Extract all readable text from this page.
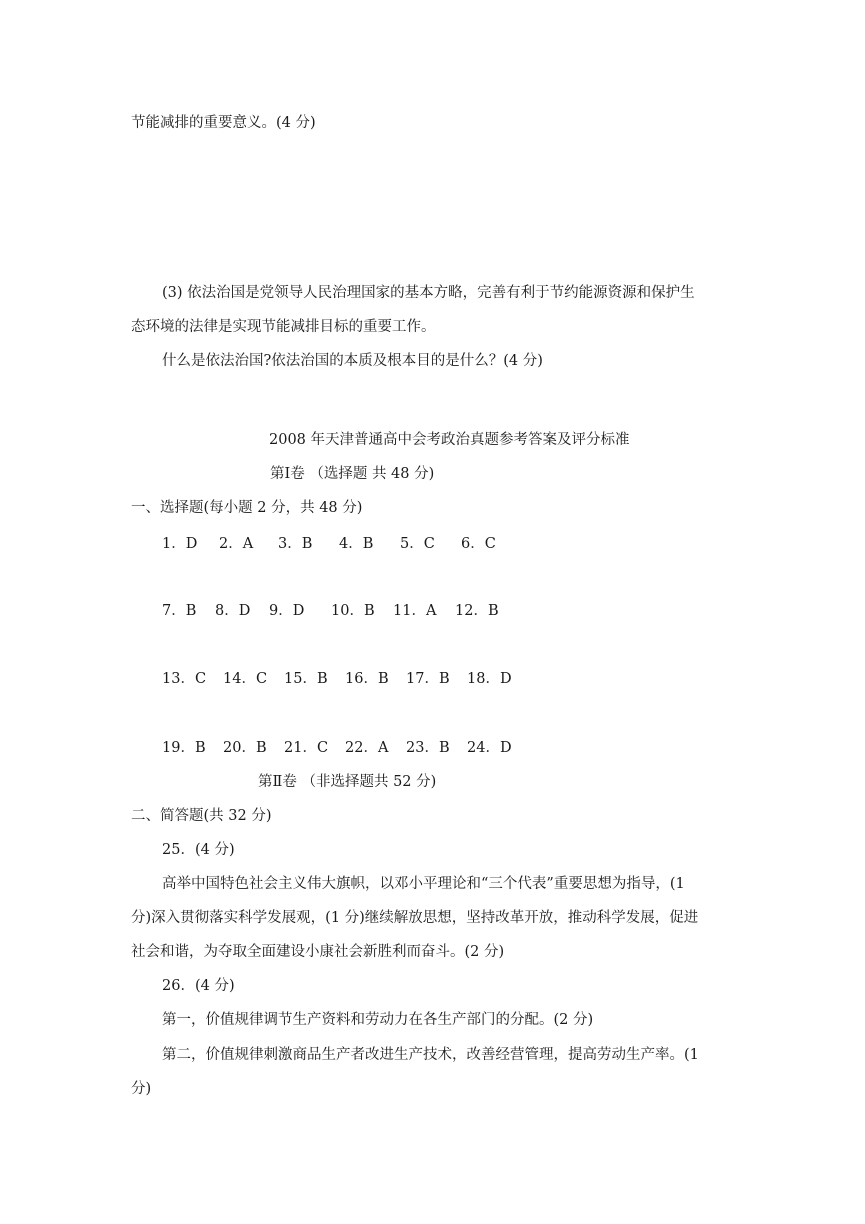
节能减排的重要意义。(4 分)
(3) 依法治国是党领导人民治理国家的基本方略，完善有利于节约能源资源和保护生
态环境的法律是实现节能减排目标的重要工作。
什么是依法治国?依法治国的本质及根本目的是什么？(4 分)
2008 年天津普通高中会考政治真题参考答案及评分标准
第Ⅰ卷 （选择题 共 48 分)
一、选择题(每小题 2 分，共 48 分)
1．D 2．A 3．B 4．B 5．C 6．C
7．B 8．D 9．D 10．B 11．A 12．B
13．C 14．C 15．B 16．B 17．B 18．D
19．B 20．B 21．C 22．A 23．B 24．D
第Ⅱ卷 （非选择题共 52 分)
二、简答题(共 32 分)
25．(4 分)
高举中国特色社会主义伟大旗帜，以邓小平理论和“三个代表”重要思想为指导，(1
分)深入贯彻落实科学发展观，(1 分)继续解放思想，坚持改革开放，推动科学发展，促进
社会和谐，为夺取全面建设小康社会新胜利而奋斗。(2 分)
26．(4 分)
第一，价值规律调节生产资料和劳动力在各生产部门的分配。(2 分)
第二，价值规律刺激商品生产者改进生产技术，改善经营管理，提高劳动生产率。(1
分)
